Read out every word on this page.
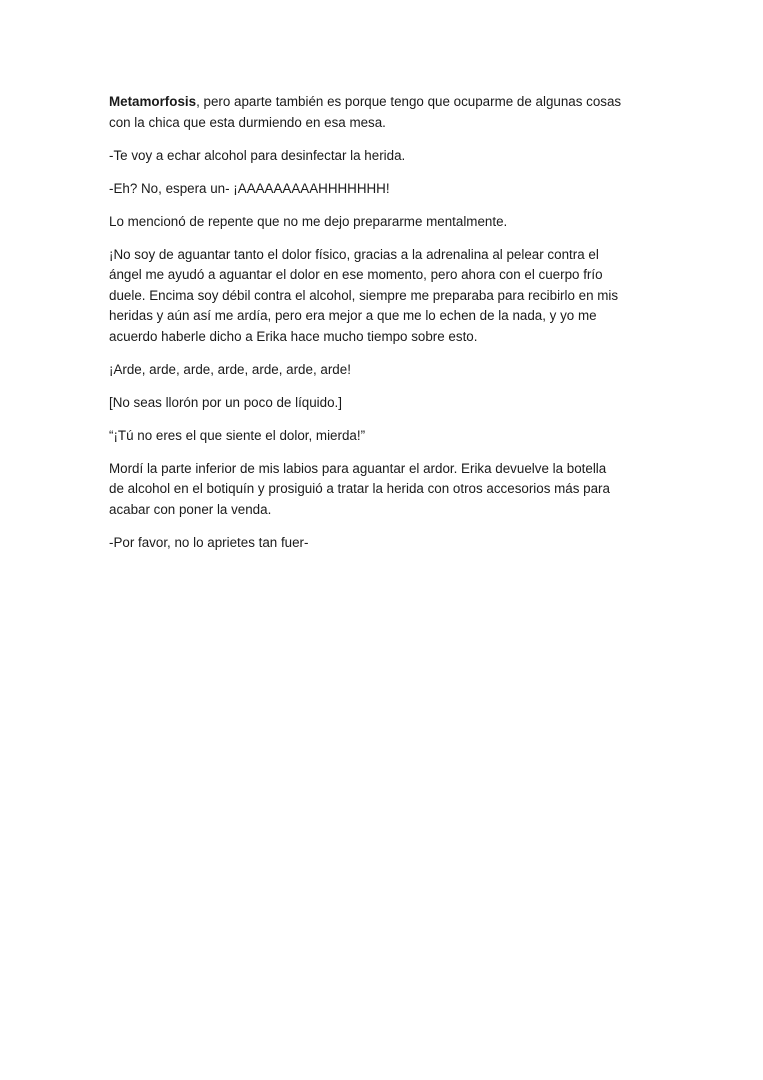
Metamorfosis, pero aparte también es porque tengo que ocuparme de algunas cosas
con la chica que esta durmiendo en esa mesa.

-Te voy a echar alcohol para desinfectar la herida.

-Eh? No, espera un- ¡AAAAAAAAAHHHHHHH!

Lo mencionó de repente que no me dejo prepararme mentalmente.

¡No soy de aguantar tanto el dolor físico, gracias a la adrenalina al pelear contra el
ángel me ayudó a aguantar el dolor en ese momento, pero ahora con el cuerpo frío
duele. Encima soy débil contra el alcohol, siempre me preparaba para recibirlo en mis
heridas y aún así me ardía, pero era mejor a que me lo echen de la nada, y yo me
acuerdo haberle dicho a Erika hace mucho tiempo sobre esto.

¡Arde, arde, arde, arde, arde, arde, arde!

[No seas llorón por un poco de líquido.]

“¡Tú no eres el que siente el dolor, mierda!”

Mordí la parte inferior de mis labios para aguantar el ardor. Erika devuelve la botella
de alcohol en el botiquín y prosiguió a tratar la herida con otros accesorios más para
acabar con poner la venda.

-Por favor, no lo aprietes tan fuer-
